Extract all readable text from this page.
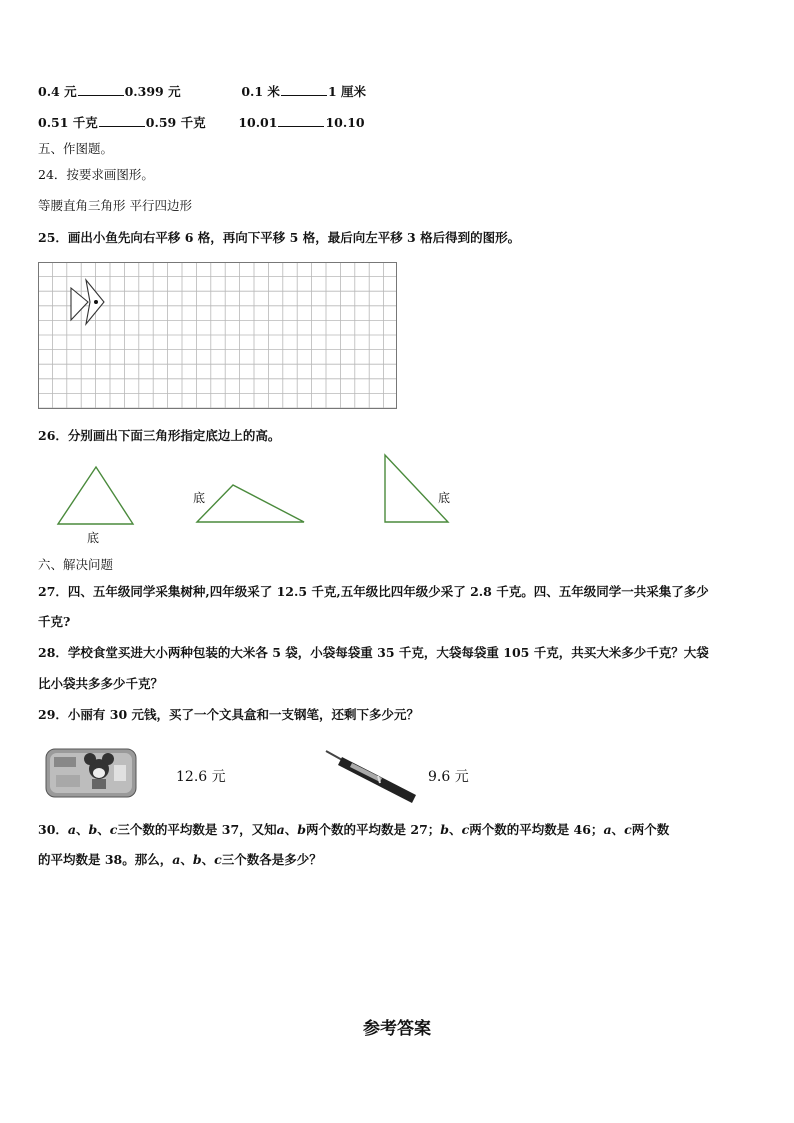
0.4 元	0.399 元	0.1 米	1 厘米
0.51 千克	0.59 千克	10.01	10.10
五、作图题。
24．按要求画图形。
等腰直角三角形 平行四边形
25．画出小鱼先向右平移 6 格，再向下平移 5 格，最后向左平移 3 格后得到的图形。
26．分别画出下面三角形指定底边上的高。
底
底	底
六、解决问题
27．四、五年级同学采集树种,四年级采了 12.5 千克,五年级比四年级少采了 2.8 千克。四、五年级同学一共采集了多少
千克?
28．学校食堂买进大小两种包装的大米各 5 袋，小袋每袋重 35 千克，大袋每袋重 105 千克，共买大米多少千克？大袋
比小袋共多多少千克？
29．小丽有 30 元钱，买了一个文具盒和一支钢笔，还剩下多少元？
12.6 元	9.6 元
30．a、b、c三个数的平均数是 37，又知a、b两个数的平均数是 27；b、c两个数的平均数是 46；a、c两个数
的平均数是 38。那么，a、b、c三个数各是多少？
参考答案
